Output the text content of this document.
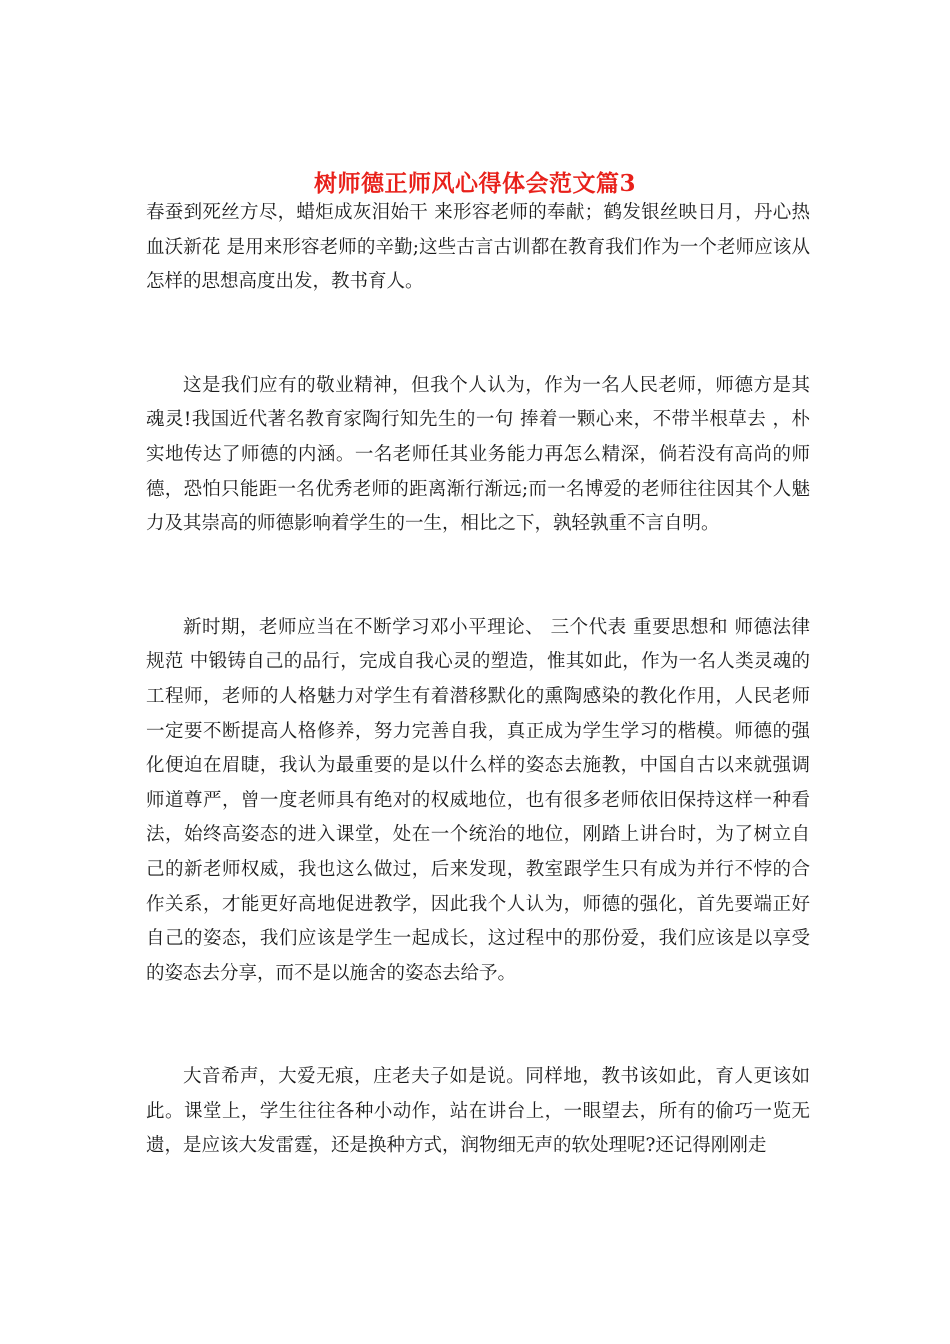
树师德正师风心得体会范文篇3

春蚕到死丝方尽，蜡炬成灰泪始干 来形容老师的奉献；鹤发银丝映日月，丹心热血沃新花 是用来形容老师的辛勤;这些古言古训都在教育我们作为一个老师应该从怎样的思想高度出发，教书育人。

这是我们应有的敬业精神，但我个人认为，作为一名人民老师，师德方是其魂灵!我国近代著名教育家陶行知先生的一句 捧着一颗心来，不带半根草去 ，朴实地传达了师德的内涵。一名老师任其业务能力再怎么精深，倘若没有高尚的师德，恐怕只能距一名优秀老师的距离渐行渐远;而一名博爱的老师往往因其个人魅力及其崇高的师德影响着学生的一生，相比之下，孰轻孰重不言自明。

新时期，老师应当在不断学习邓小平理论、 三个代表 重要思想和 师德法律规范 中锻铸自己的品行，完成自我心灵的塑造，惟其如此，作为一名人类灵魂的工程师，老师的人格魅力对学生有着潜移默化的熏陶感染的教化作用，人民老师一定要不断提高人格修养，努力完善自我，真正成为学生学习的楷模。师德的强化便迫在眉睫，我认为最重要的是以什么样的姿态去施教，中国自古以来就强调师道尊严，曾一度老师具有绝对的权威地位，也有很多老师依旧保持这样一种看法，始终高姿态的进入课堂，处在一个统治的地位，刚踏上讲台时，为了树立自己的新老师权威，我也这么做过，后来发现，教室跟学生只有成为并行不悖的合作关系，才能更好高地促进教学，因此我个人认为，师德的强化，首先要端正好自己的姿态，我们应该是学生一起成长，这过程中的那份爱，我们应该是以享受的姿态去分享，而不是以施舍的姿态去给予。

大音希声，大爱无痕，庄老夫子如是说。同样地，教书该如此，育人更该如此。课堂上，学生往往各种小动作，站在讲台上，一眼望去，所有的偷巧一览无遗，是应该大发雷霆，还是换种方式，润物细无声的软处理呢?还记得刚刚走
